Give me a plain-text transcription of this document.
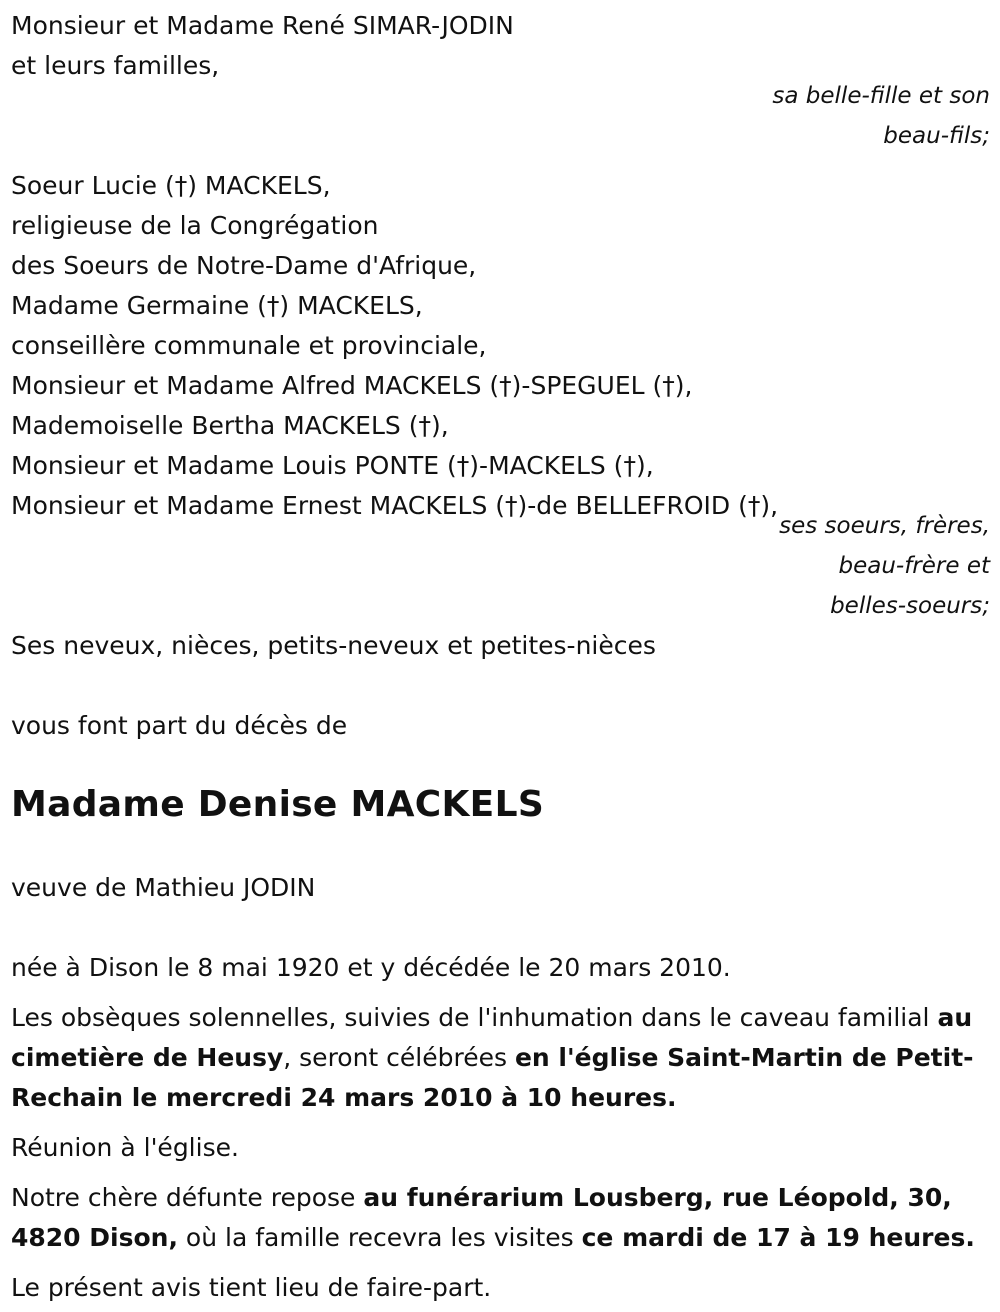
Monsieur et Madame René SIMAR-JODIN
et leurs familles,
sa belle-fille et son
beau-fils;
Soeur Lucie (†) MACKELS,
religieuse de la Congrégation
des Soeurs de Notre-Dame d'Afrique,
Madame Germaine (†) MACKELS,
conseillère communale et provinciale,
Monsieur et Madame Alfred MACKELS (†)-SPEGUEL (†),
Mademoiselle Bertha MACKELS (†),
Monsieur et Madame Louis PONTE (†)-MACKELS (†),
Monsieur et Madame Ernest MACKELS (†)-de BELLEFROID (†),
ses soeurs, frères,
beau-frère et
belles-soeurs;
Ses neveux, nièces, petits-neveux et petites-nièces
vous font part du décès de
Madame Denise MACKELS
veuve de Mathieu JODIN
née à Dison le 8 mai 1920 et y décédée le 20 mars 2010.

Les obsèques solennelles, suivies de l'inhumation dans le caveau familial au cimetière de Heusy, seront célébrées en l'église Saint-Martin de Petit-Rechain le mercredi 24 mars 2010 à 10 heures.

Réunion à l'église.

Notre chère défunte repose au funérarium Lousberg, rue Léopold, 30, 4820 Dison, où la famille recevra les visites ce mardi de 17 à 19 heures.

Le présent avis tient lieu de faire-part.
